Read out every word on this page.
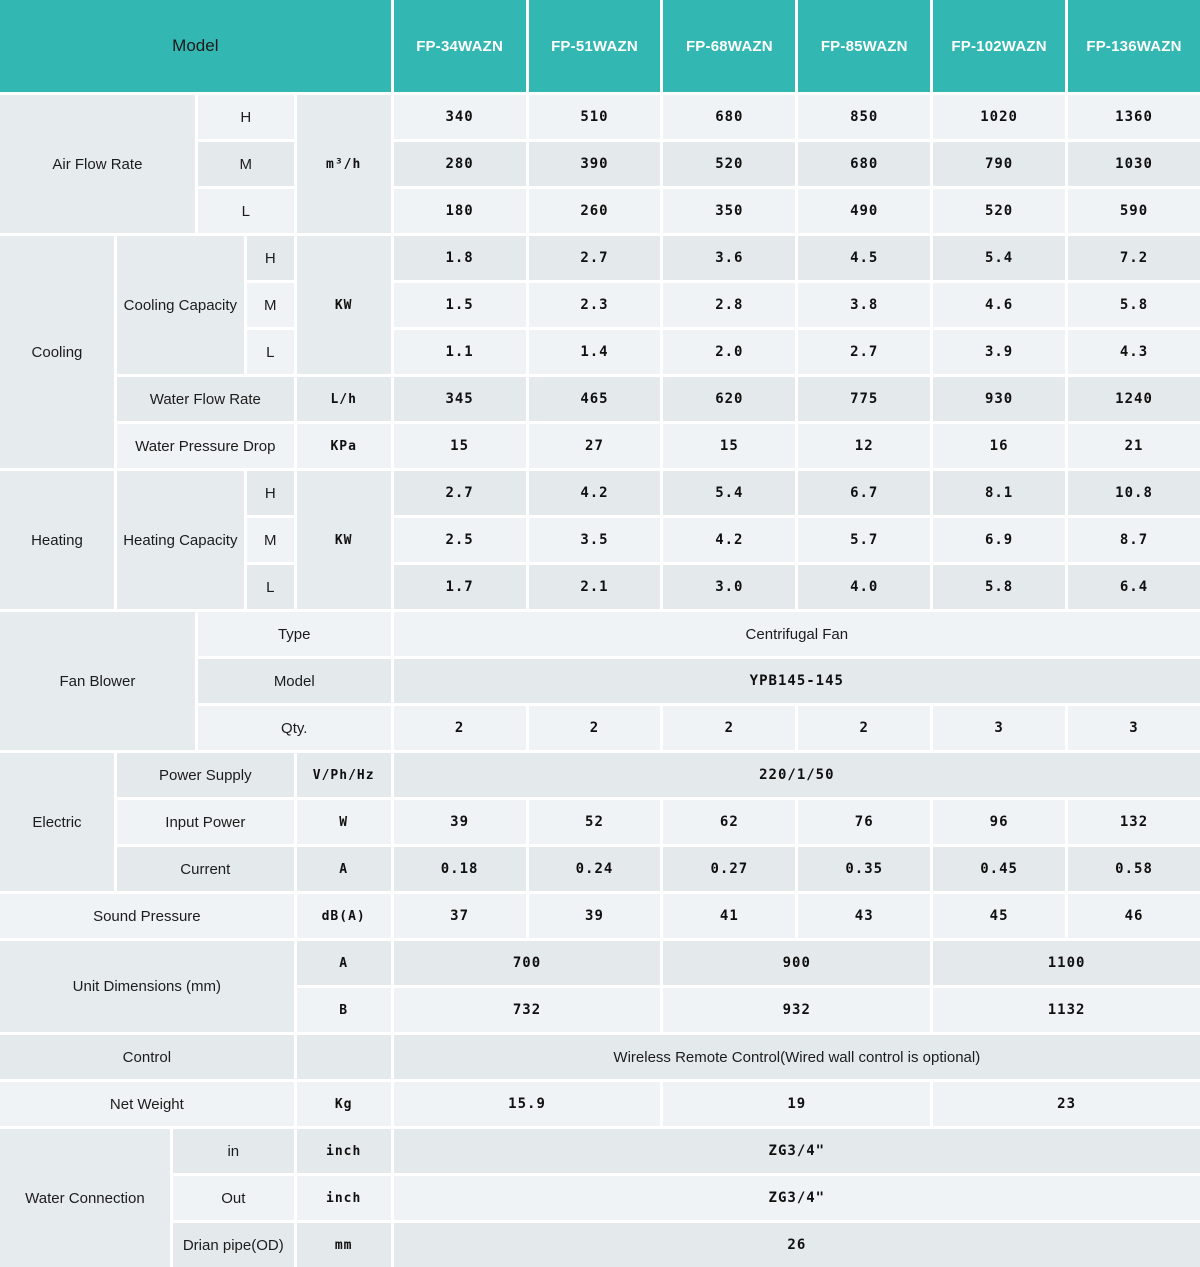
Model						FP-34WAZN	FP-51WAZN	FP-68WAZN	FP-85WAZN	FP-102WAZN	FP-136WAZN
Air Flow Rate			H		m³/h	340	510	680	850	1020	1360
			M			280	390	520	680	790	1030
			L			180	260	350	490	520	590
Cooling	Cooling Capacity			H	KW	1.8	2.7	3.6	4.5	5.4	7.2
				M		1.5	2.3	2.8	3.8	4.6	5.8
				L		1.1	1.4	2.0	2.7	3.9	4.3
	Water Flow Rate				L/h	345	465	620	775	930	1240
	Water Pressure Drop				KPa	15	27	15	12	16	21
Heating	Heating Capacity			H	KW	2.7	4.2	5.4	6.7	8.1	10.8
				M		2.5	3.5	4.2	5.7	6.9	8.7
				L		1.7	2.1	3.0	4.0	5.8	6.4
Fan Blower			Type			Centrifugal Fan					
			Model			YPB145-145					
			Qty.			2	2	2	2	3	3
Electric	Power Supply				V/Ph/Hz	220/1/50					
	Input Power				W	39	52	62	76	96	132
	Current				A	0.18	0.24	0.27	0.35	0.45	0.58
Sound Pressure					dB(A)	37	39	41	43	45	46
Unit Dimensions (mm)					A	700		900		1100	
					B	732		932		1132	
Control						Wireless Remote Control(Wired wall control is optional)					
Net Weight					Kg	15.9		19		23	
Water Connection		in			inch	ZG3/4"					
		Out			inch	ZG3/4"					
		Drian pipe(OD)			mm	26					
